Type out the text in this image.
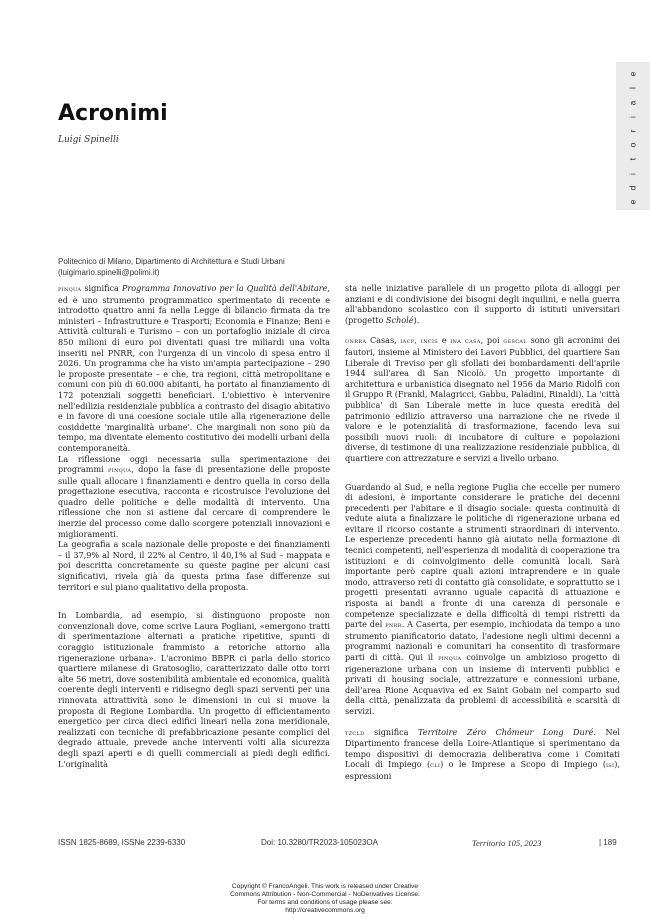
e
l
a
i
r
o
t
i
d
e
Acronimi
Luigi Spinelli
Politecnico di Milano, Dipartimento di Architettura e Studi Urbani
(luigimario.spinelli@polimi.it)

pinqua significa Programma Innovativo per la Qualità dell'Abitare, ed è uno strumento programmatico sperimentato di recente e introdotto quattro anni fa nella Legge di bilancio firmata da tre ministeri – Infrastrutture e Trasporti; Economia e Finanze; Beni e Attività culturali e Turismo – con un portafoglio iniziale di circa 850 milioni di euro poi diventati quasi tre miliardi una volta inseriti nel PNRR, con l'urgenza di un vincolo di spesa entro il 2026. Un programma che ha visto un'ampia partecipazione – 290 le proposte presentate – e che, tra regioni, città metropolitane e comuni con più di 60.000 abitanti, ha portato al finanziamento di 172 potenziali soggetti beneficiari. L'obiettivo è intervenire nell'edilizia residenziale pubblica a contrasto del disagio abitativo e in favore di una coesione sociale utile alla rigenerazione delle cosiddette 'marginalità urbane'. Che marginali non sono più da tempo, ma diventate elemento costitutivo dei modelli urbani della contemporaneità.

La riflessione oggi necessaria sulla sperimentazione dei programmi pinqua, dopo la fase di presentazione delle proposte sulle quali allocare i finanziamenti e dentro quella in corso della progettazione esecutiva, racconta e ricostruisce l'evoluzione del quadro delle politiche e delle modalità di intervento. Una riflessione che non si astiene dal cercare di comprendere le inerzie del processo come dallo scorgere potenziali innovazioni e miglioramenti.

La geografia a scala nazionale delle proposte e dei finanziamenti – il 37,9% al Nord, il 22% al Centro, il 40,1% al Sud – mappata e poi descritta concretamente su queste pagine per alcuni casi significativi, rivela già da questa prima fase differenze sui territori e sul piano qualitativo della proposta.

In Lombardia, ad esempio, si distinguono proposte non convenzionali dove, come scrive Laura Pogliani, «emergono tratti di sperimentazione alternati a pratiche ripetitive, spunti di coraggio istituzionale frammisto a retoriche attorno alla rigenerazione urbana». L'acronimo BBPR ci parla dello storico quartiere milanese di Gratosoglio, caratterizzato dalle otto torri alte 56 metri, dove sostenibilità ambientale ed economica, qualità coerente degli interventi e ridisegno degli spazi serventi per una rinnovata attrattività sono le dimensioni in cui si muove la proposta di Regione Lombardia. Un progetto di efficientamento energetico per circa dieci edifici lineari nella zona meridionale, realizzati con tecniche di prefabbricazione pesante complici del degrado attuale, prevede anche interventi volti alla sicurezza degli spazi aperti e di quelli commerciali ai piedi degli edifici. L'originalità

sta nelle iniziative parallele di un progetto pilota di alloggi per anziani e di condivisione dei bisogni degli inquilini, e nella guerra all'abbandono scolastico con il supporto di istituti universitari (progetto Scholé).

unrra Casas, iacp, incis e ina casa, poi gescal sono gli acronimi dei fautori, insieme al Ministero dei Lavori Pubblici, del quartiere San Liberale di Treviso per gli sfollati dei bombardamenti dell'aprile 1944 sull'area di San Nicolò. Un progetto importante di architettura e urbanistica disegnato nel 1956 da Mario Ridolfi con il Gruppo R (Frankl, Malagricci, Gabbu, Paladini, Rinaldi). La 'città pubblica' di San Liberale mette in luce questa eredità del patrimonio edilizio attraverso una narrazione che ne rivede il valore e le potenzialità di trasformazione, facendo leva sui possibili nuovi ruoli: di incubatore di culture e popolazioni diverse, di testimone di una realizzazione residenziale pubblica, di quartiere con attrezzature e servizi a livello urbano.

Guardando al Sud, e nella regione Puglia che eccelle per numero di adesioni, è importante considerare le pratiche dei decenni precedenti per l'abitare e il disagio sociale: questa continuità di vedute aiuta a finalizzare le politiche di rigenerazione urbana ed evitare il ricorso costante a strumenti straordinari di intervento. Le esperienze precedenti hanno già aiutato nella formazione di tecnici competenti, nell'esperienza di modalità di cooperazione tra istituzioni e di coinvolgimento delle comunità locali. Sarà importante però capire quali azioni intraprendere e in quale modo, attraverso reti di contatto già consolidate, e soprattutto se i progetti presentati avranno uguale capacità di attuazione e risposta ai bandi a fronte di una carenza di personale e competenze specializzate e della difficoltà di tempi ristretti da parte del pnrr. A Caserta, per esempio, inchiodata da tempo a uno strumento pianificatorio datato, l'adesione negli ultimi decenni a programmi nazionali e comunitari ha consentito di trasformare parti di città. Qui il pinqua coinvolge un ambizioso progetto di rigenerazione urbana con un insieme di interventi pubblici e privati di housing sociale, attrezzature e connessioni urbane, dell'area Rione Acquaviva ed ex Saint Gobain nel comparto sud della città, penalizzata da problemi di accessibilità e scarsità di servizi.

tzcld significa Territoire Zéro Chômeur Long Duré. Nel Dipartimento francese della Loire-Atlantique si sperimentano da tempo dispositivi di democrazia deliberativa come i Comitati Locali di Impiego (cli) o le Imprese a Scopo di Impiego (isi), espressioni

ISSN 1825-8689, ISSNe 2239-6330	Doi: 10.3280/TR2023-105023OA	Territorio 105, 2023	| 189
Copyright © FrancoAngeli. This work is released under Creative
Commons Attribution - Non-Commercial - NoDerivatives License.
For terms and conditions of usage please see:
http://creativecommons.org
